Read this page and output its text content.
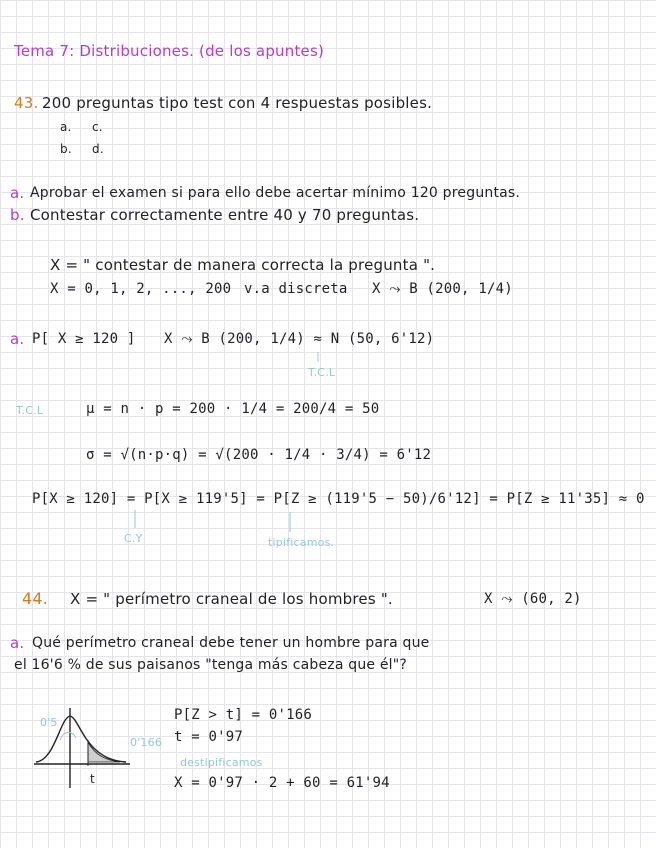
Tema 7: Distribuciones. (de los apuntes)
43. 200 preguntas tipo test con 4 respuestas posibles.
a. c.
b. d.
a. Aprobar el examen si para ello debe acertar mínimo 120 preguntas.
b. Contestar correctamente entre 40 y 70 preguntas.
X = " contestar de manera correcta la pregunta ".
X = 0, 1, 2, ..., 200 v.a discreta X ⤳ B (200, 1/4)
a. P[ X ≥ 120 ] X ⤳ B (200, 1/4) ≈ N (50, 6'12)
T.C.L
T.C.L	μ = n · p = 200 · 1/4 = 200/4 = 50
σ = √(n·p·q) = √(200 · 1/4 · 3/4) = 6'12
P[X ≥ 120] = P[X ≥ 119'5] = P[Z ≥ (119'5 − 50)/6'12] = P[Z ≥ 11'35] ≈ 0
C.Y	tipificamos.
44. X = " perímetro craneal de los hombres ".	X ⤳ (60, 2)
a. Qué perímetro craneal debe tener un hombre para que
el 16'6 % de sus paisanos "tenga más cabeza que él"?
P[Z > t] = 0'166
t = 0'97
destipificamos
X = 0'97 · 2 + 60 = 61'94
0'5
0'166
t
